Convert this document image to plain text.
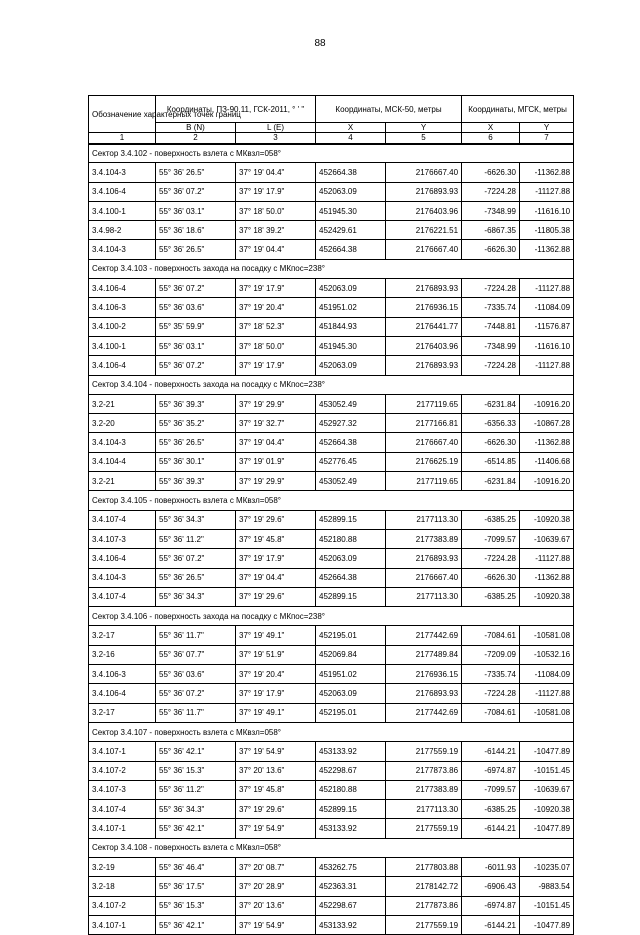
88
Обозначение характерных точек границ	Координаты, ПЗ-90.11, ГСК-2011, ° ' "		Координаты, МСК-50, метры		Координаты, МГСК, метры	
	B (N)	L (E)	X	Y	X	Y
1	2	3	4	5	6	7
Сектор 3.4.102 - поверхность взлета с МКвзл=058°						
3.4.104-3	55° 36' 26.5"	37° 19' 04.4"	452664.38	2176667.40	-6626.30	-11362.88
3.4.106-4	55° 36' 07.2"	37° 19' 17.9"	452063.09	2176893.93	-7224.28	-11127.88
3.4.100-1	55° 36' 03.1"	37° 18' 50.0"	451945.30	2176403.96	-7348.99	-11616.10
3.4.98-2	55° 36' 18.6"	37° 18' 39.2"	452429.61	2176221.51	-6867.35	-11805.38
3.4.104-3	55° 36' 26.5"	37° 19' 04.4"	452664.38	2176667.40	-6626.30	-11362.88
Сектор 3.4.103 - поверхность захода на посадку с МКпос=238°						
3.4.106-4	55° 36' 07.2"	37° 19' 17.9"	452063.09	2176893.93	-7224.28	-11127.88
3.4.106-3	55° 36' 03.6"	37° 19' 20.4"	451951.02	2176936.15	-7335.74	-11084.09
3.4.100-2	55° 35' 59.9"	37° 18' 52.3"	451844.93	2176441.77	-7448.81	-11576.87
3.4.100-1	55° 36' 03.1"	37° 18' 50.0"	451945.30	2176403.96	-7348.99	-11616.10
3.4.106-4	55° 36' 07.2"	37° 19' 17.9"	452063.09	2176893.93	-7224.28	-11127.88
Сектор 3.4.104 - поверхность захода на посадку с МКпос=238°						
3.2-21	55° 36' 39.3"	37° 19' 29.9"	453052.49	2177119.65	-6231.84	-10916.20
3.2-20	55° 36' 35.2"	37° 19' 32.7"	452927.32	2177166.81	-6356.33	-10867.28
3.4.104-3	55° 36' 26.5"	37° 19' 04.4"	452664.38	2176667.40	-6626.30	-11362.88
3.4.104-4	55° 36' 30.1"	37° 19' 01.9"	452776.45	2176625.19	-6514.85	-11406.68
3.2-21	55° 36' 39.3"	37° 19' 29.9"	453052.49	2177119.65	-6231.84	-10916.20
Сектор 3.4.105 - поверхность взлета с МКвзл=058°						
3.4.107-4	55° 36' 34.3"	37° 19' 29.6"	452899.15	2177113.30	-6385.25	-10920.38
3.4.107-3	55° 36' 11.2"	37° 19' 45.8"	452180.88	2177383.89	-7099.57	-10639.67
3.4.106-4	55° 36' 07.2"	37° 19' 17.9"	452063.09	2176893.93	-7224.28	-11127.88
3.4.104-3	55° 36' 26.5"	37° 19' 04.4"	452664.38	2176667.40	-6626.30	-11362.88
3.4.107-4	55° 36' 34.3"	37° 19' 29.6"	452899.15	2177113.30	-6385.25	-10920.38
Сектор 3.4.106 - поверхность захода на посадку с МКпос=238°						
3.2-17	55° 36' 11.7"	37° 19' 49.1"	452195.01	2177442.69	-7084.61	-10581.08
3.2-16	55° 36' 07.7"	37° 19' 51.9"	452069.84	2177489.84	-7209.09	-10532.16
3.4.106-3	55° 36' 03.6"	37° 19' 20.4"	451951.02	2176936.15	-7335.74	-11084.09
3.4.106-4	55° 36' 07.2"	37° 19' 17.9"	452063.09	2176893.93	-7224.28	-11127.88
3.2-17	55° 36' 11.7"	37° 19' 49.1"	452195.01	2177442.69	-7084.61	-10581.08
Сектор 3.4.107 - поверхность взлета с МКвзл=058°						
3.4.107-1	55° 36' 42.1"	37° 19' 54.9"	453133.92	2177559.19	-6144.21	-10477.89
3.4.107-2	55° 36' 15.3"	37° 20' 13.6"	452298.67	2177873.86	-6974.87	-10151.45
3.4.107-3	55° 36' 11.2"	37° 19' 45.8"	452180.88	2177383.89	-7099.57	-10639.67
3.4.107-4	55° 36' 34.3"	37° 19' 29.6"	452899.15	2177113.30	-6385.25	-10920.38
3.4.107-1	55° 36' 42.1"	37° 19' 54.9"	453133.92	2177559.19	-6144.21	-10477.89
Сектор 3.4.108 - поверхность взлета с МКвзл=058°						
3.2-19	55° 36' 46.4"	37° 20' 08.7"	453262.75	2177803.88	-6011.93	-10235.07
3.2-18	55° 36' 17.5"	37° 20' 28.9"	452363.31	2178142.72	-6906.43	-9883.54
3.4.107-2	55° 36' 15.3"	37° 20' 13.6"	452298.67	2177873.86	-6974.87	-10151.45
3.4.107-1	55° 36' 42.1"	37° 19' 54.9"	453133.92	2177559.19	-6144.21	-10477.89
